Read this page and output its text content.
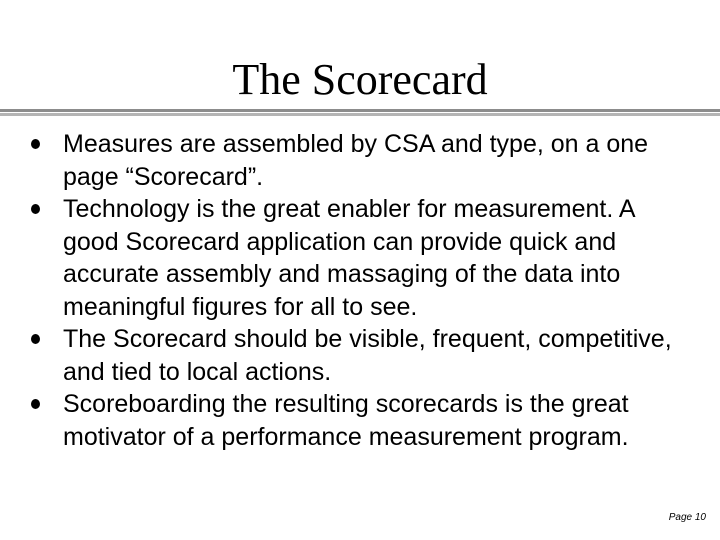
The Scorecard
Measures are assembled by CSA and type, on a one page “Scorecard”.
Technology is the great enabler for measurement. A good Scorecard application can provide quick and accurate assembly and massaging of the data into meaningful figures for all to see.
The Scorecard should be visible, frequent, competitive, and tied to local actions.
Scoreboarding the resulting scorecards is the great motivator of a performance measurement program.
Page 10
